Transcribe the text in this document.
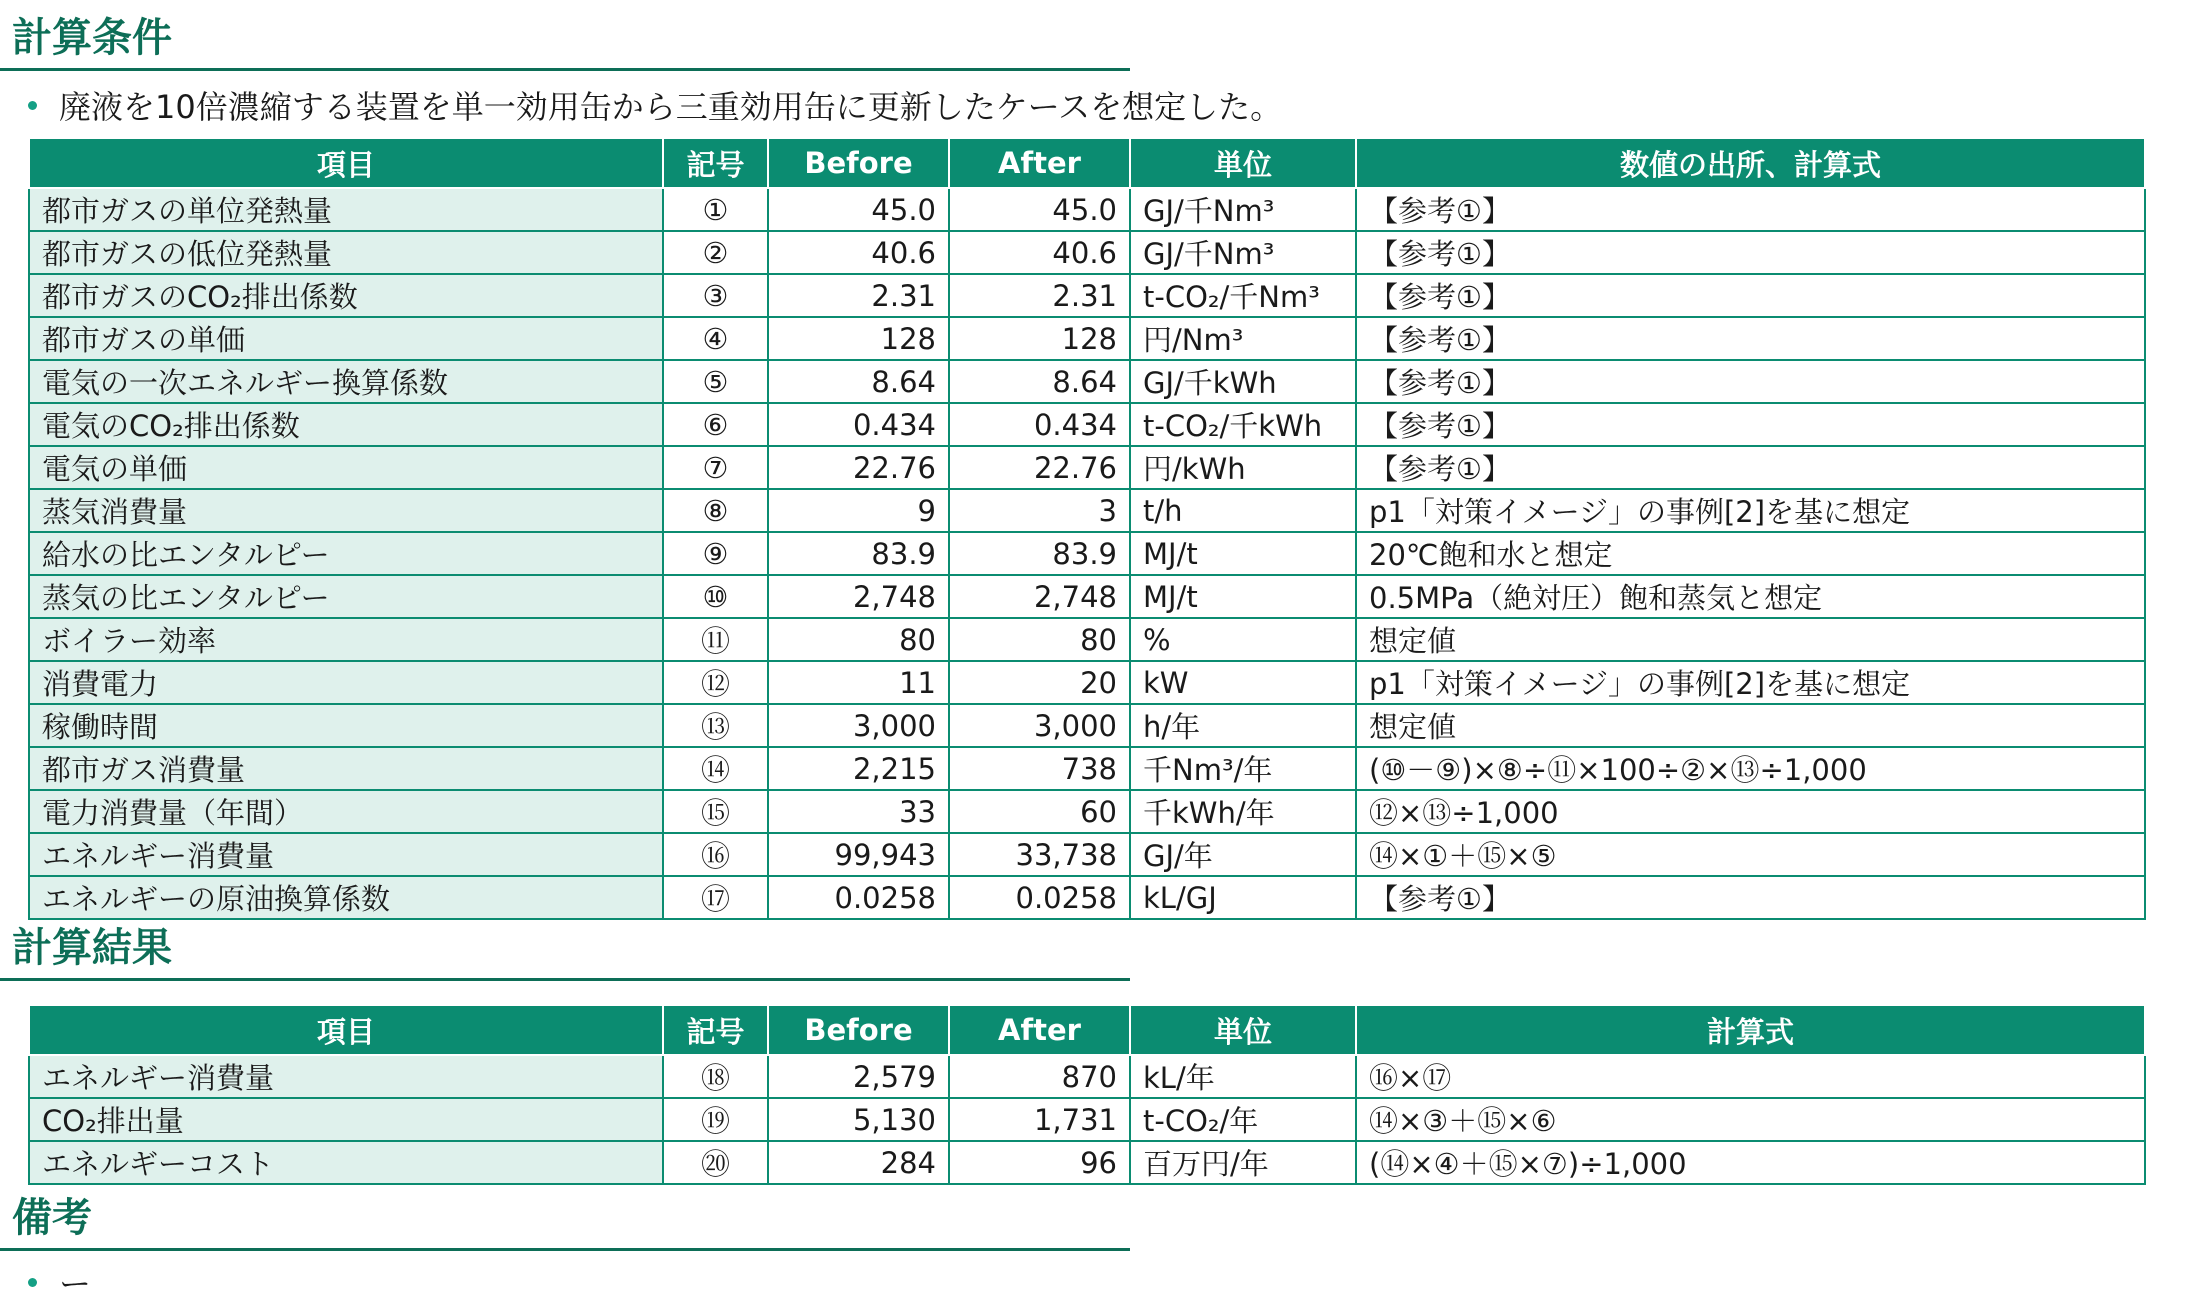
計算条件
廃液を10倍濃縮する装置を単一効用缶から三重効用缶に更新したケースを想定した。
項目	記号	Before	After	単位	数値の出所、計算式
都市ガスの単位発熱量	①	45.0	45.0	GJ/千Nm³	【参考①】
都市ガスの低位発熱量	②	40.6	40.6	GJ/千Nm³	【参考①】
都市ガスのCO₂排出係数	③	2.31	2.31	t-CO₂/千Nm³	【参考①】
都市ガスの単価	④	128	128	円/Nm³	【参考①】
電気の一次エネルギー換算係数	⑤	8.64	8.64	GJ/千kWh	【参考①】
電気のCO₂排出係数	⑥	0.434	0.434	t-CO₂/千kWh	【参考①】
電気の単価	⑦	22.76	22.76	円/kWh	【参考①】
蒸気消費量	⑧	9	3	t/h	p1「対策イメージ」の事例[2]を基に想定
給水の比エンタルピー	⑨	83.9	83.9	MJ/t	20℃飽和水と想定
蒸気の比エンタルピー	⑩	2,748	2,748	MJ/t	0.5MPa（絶対圧）飽和蒸気と想定
ボイラー効率	⑪	80	80	%	想定値
消費電力	⑫	11	20	kW	p1「対策イメージ」の事例[2]を基に想定
稼働時間	⑬	3,000	3,000	h/年	想定値
都市ガス消費量	⑭	2,215	738	千Nm³/年	(⑩－⑨)×⑧÷⑪×100÷②×⑬÷1,000
電力消費量（年間）	⑮	33	60	千kWh/年	⑫×⑬÷1,000
エネルギー消費量	⑯	99,943	33,738	GJ/年	⑭×①＋⑮×⑤
エネルギーの原油換算係数	⑰	0.0258	0.0258	kL/GJ	【参考①】
計算結果
項目	記号	Before	After	単位	計算式
エネルギー消費量	⑱	2,579	870	kL/年	⑯×⑰
CO₂排出量	⑲	5,130	1,731	t-CO₂/年	⑭×③＋⑮×⑥
エネルギーコスト	⑳	284	96	百万円/年	(⑭×④＋⑮×⑦)÷1,000
備考
ー
